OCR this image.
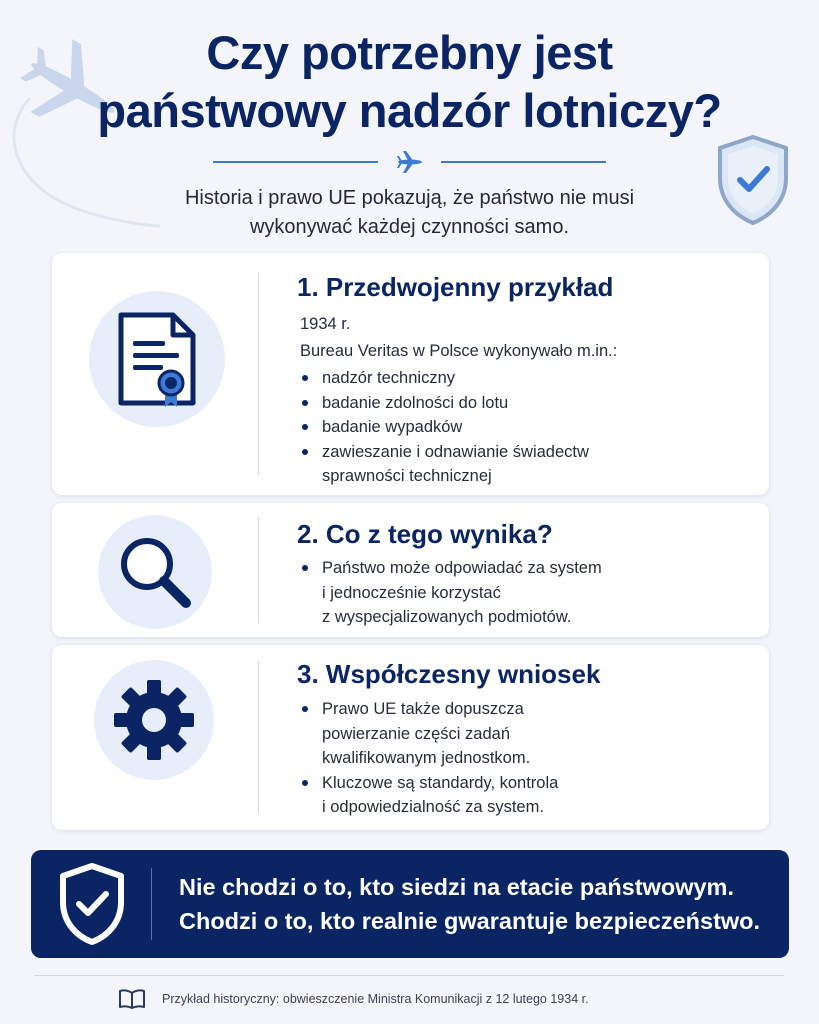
Czy potrzebny jest
państwowy nadzór lotniczy?
Historia i prawo UE pokazują, że państwo nie musi
wykonywać każdej czynności samo.
1. Przedwojenny przykład
1934 r.
Bureau Veritas w Polsce wykonywało m.in.:
nadzór techniczny
badanie zdolności do lotu
badanie wypadków
zawieszanie i odnawianie świadectw
sprawności technicznej
2. Co z tego wynika?
Państwo może odpowiadać za system
i jednocześnie korzystać
z wyspecjalizowanych podmiotów.
3. Współczesny wniosek
Prawo UE także dopuszcza
powierzanie części zadań
kwalifikowanym jednostkom.
Kluczowe są standardy, kontrola
i odpowiedzialność za system.
Nie chodzi o to, kto siedzi na etacie państwowym.
Chodzi o to, kto realnie gwarantuje bezpieczeństwo.
Przykład historyczny: obwieszczenie Ministra Komunikacji z 12 lutego 1934 r.
